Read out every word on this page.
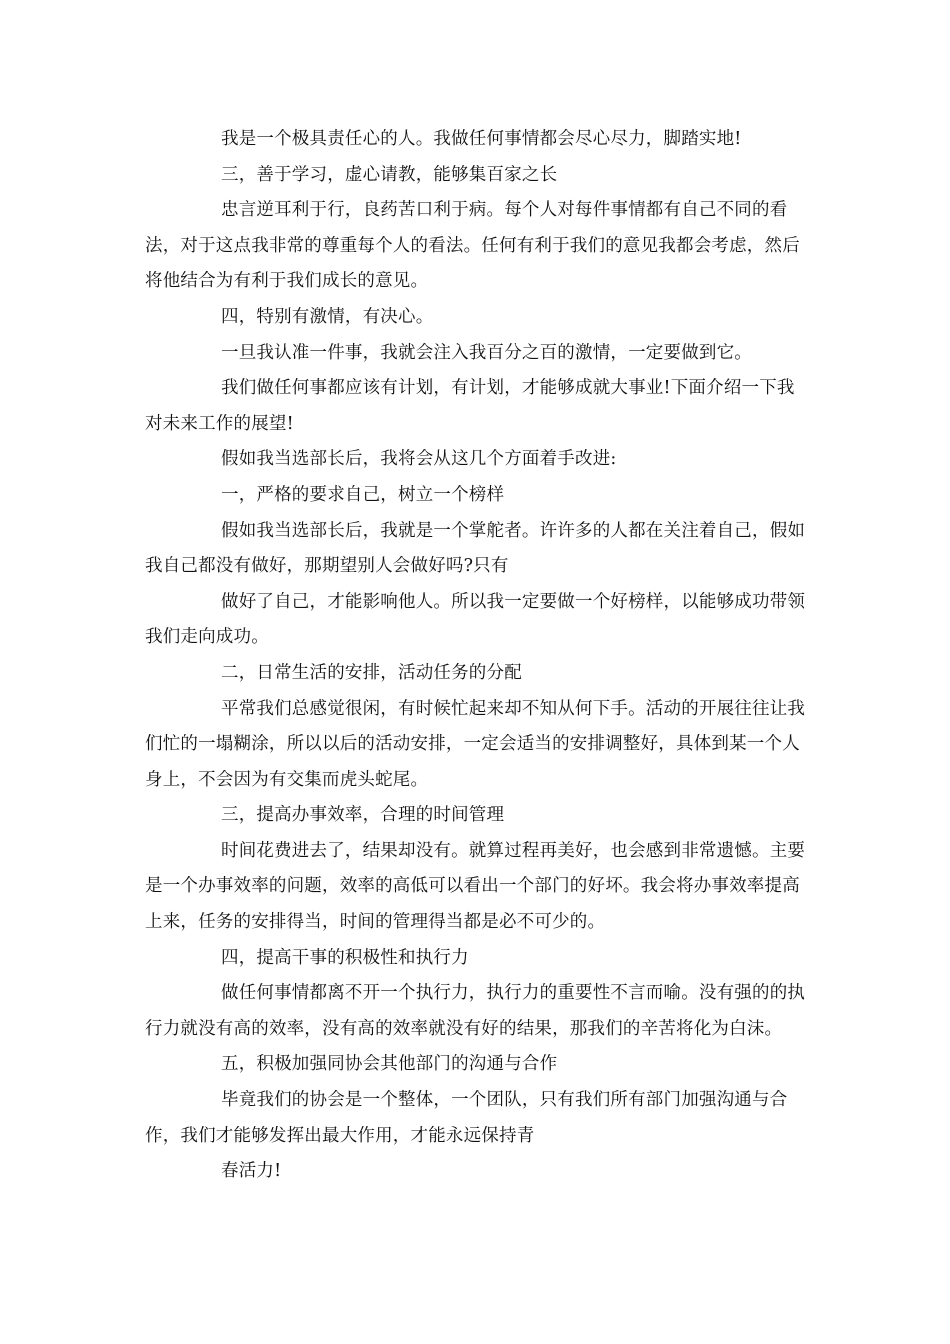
我是一个极具责任心的人。我做任何事情都会尽心尽力，脚踏实地!

三，善于学习，虚心请教，能够集百家之长

忠言逆耳利于行，良药苦口利于病。每个人对每件事情都有自己不同的看法，对于这点我非常的尊重每个人的看法。任何有利于我们的意见我都会考虑，然后将他结合为有利于我们成长的意见。

四，特别有激情，有决心。

一旦我认准一件事，我就会注入我百分之百的激情，一定要做到它。

我们做任何事都应该有计划，有计划，才能够成就大事业!下面介绍一下我对未来工作的展望!

假如我当选部长后，我将会从这几个方面着手改进:

一，严格的要求自己，树立一个榜样

假如我当选部长后，我就是一个掌舵者。许许多的人都在关注着自己，假如我自己都没有做好，那期望别人会做好吗?只有

做好了自己，才能影响他人。所以我一定要做一个好榜样，以能够成功带领我们走向成功。

二，日常生活的安排，活动任务的分配

平常我们总感觉很闲，有时候忙起来却不知从何下手。活动的开展往往让我们忙的一塌糊涂，所以以后的活动安排，一定会适当的安排调整好，具体到某一个人身上，不会因为有交集而虎头蛇尾。

三，提高办事效率，合理的时间管理

时间花费进去了，结果却没有。就算过程再美好，也会感到非常遗憾。主要是一个办事效率的问题，效率的高低可以看出一个部门的好坏。我会将办事效率提高上来，任务的安排得当，时间的管理得当都是必不可少的。

四，提高干事的积极性和执行力

做任何事情都离不开一个执行力，执行力的重要性不言而喻。没有强的的执行力就没有高的效率，没有高的效率就没有好的结果，那我们的辛苦将化为白沫。

五，积极加强同协会其他部门的沟通与合作

毕竟我们的协会是一个整体，一个团队，只有我们所有部门加强沟通与合作，我们才能够发挥出最大作用，才能永远保持青

春活力!
